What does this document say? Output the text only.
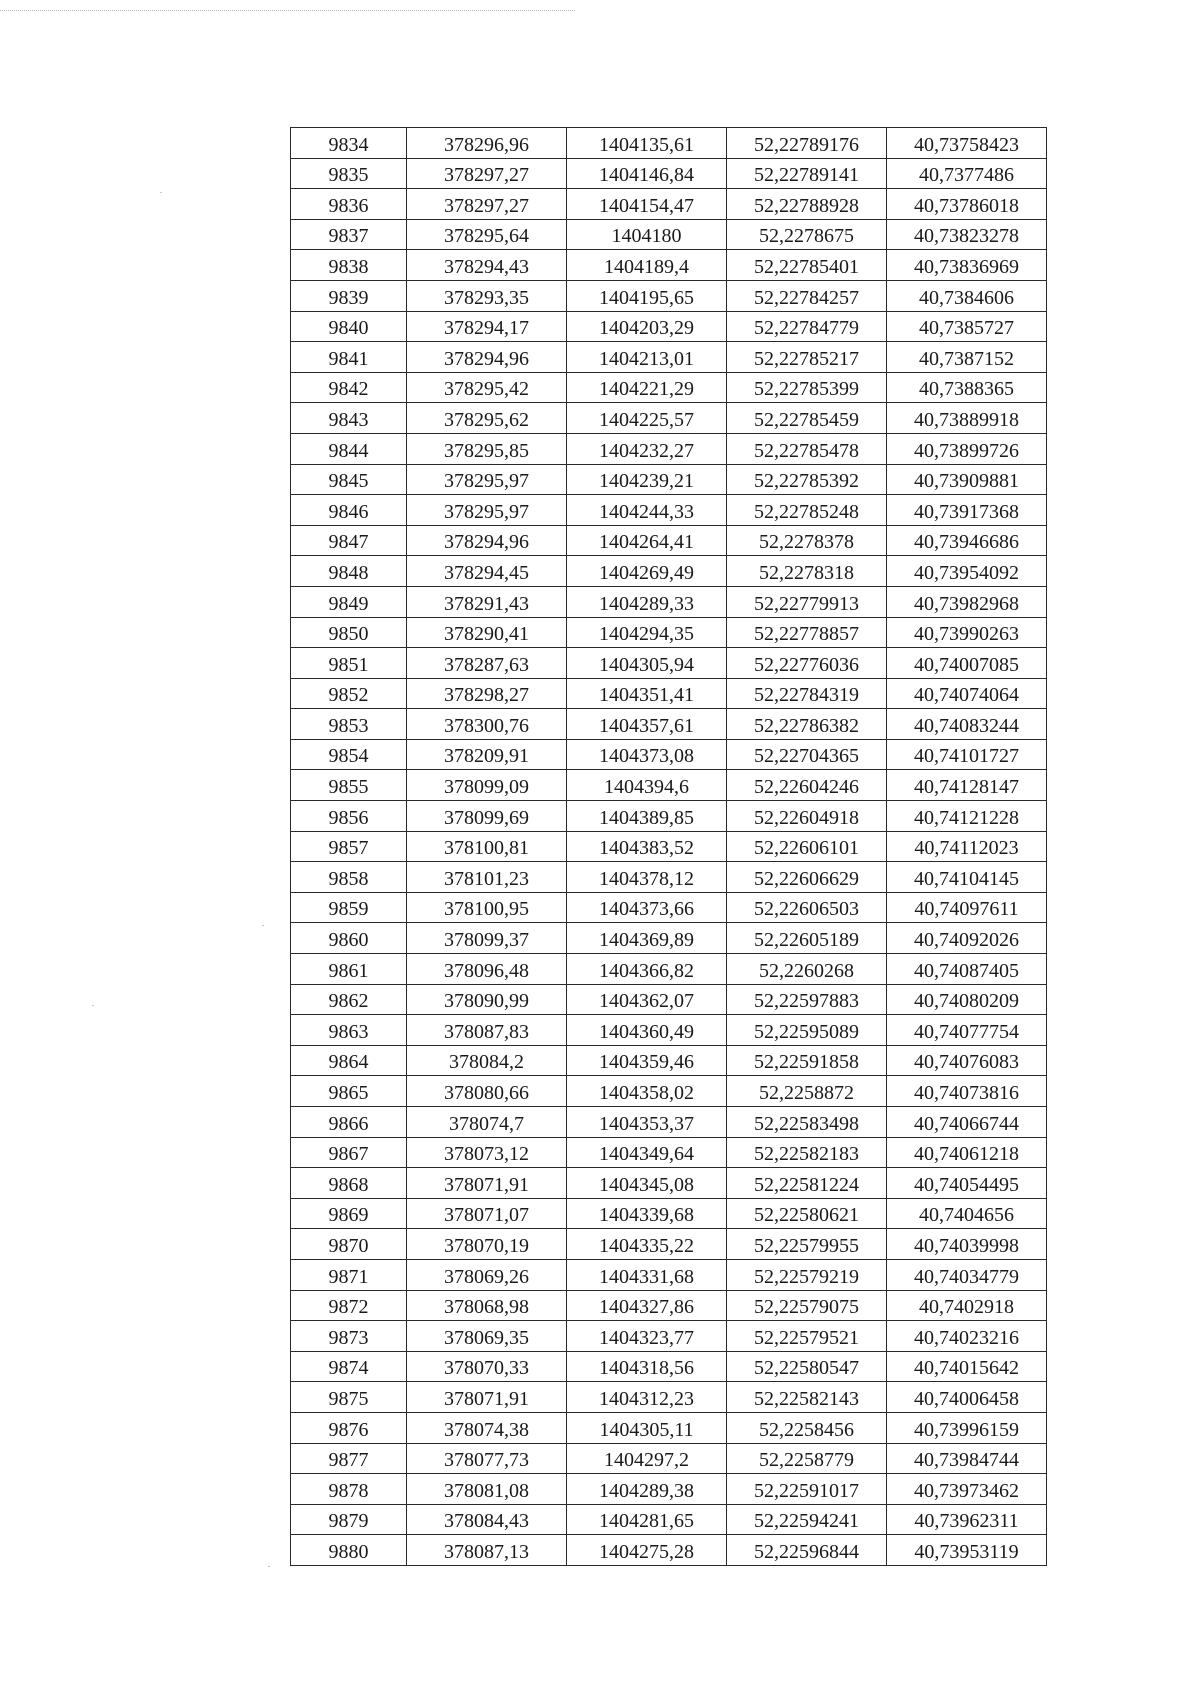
9834	378296,96	1404135,61	52,22789176	40,73758423
9835	378297,27	1404146,84	52,22789141	40,7377486
9836	378297,27	1404154,47	52,22788928	40,73786018
9837	378295,64	1404180	52,2278675	40,73823278
9838	378294,43	1404189,4	52,22785401	40,73836969
9839	378293,35	1404195,65	52,22784257	40,7384606
9840	378294,17	1404203,29	52,22784779	40,7385727
9841	378294,96	1404213,01	52,22785217	40,7387152
9842	378295,42	1404221,29	52,22785399	40,7388365
9843	378295,62	1404225,57	52,22785459	40,73889918
9844	378295,85	1404232,27	52,22785478	40,73899726
9845	378295,97	1404239,21	52,22785392	40,73909881
9846	378295,97	1404244,33	52,22785248	40,73917368
9847	378294,96	1404264,41	52,2278378	40,73946686
9848	378294,45	1404269,49	52,2278318	40,73954092
9849	378291,43	1404289,33	52,22779913	40,73982968
9850	378290,41	1404294,35	52,22778857	40,73990263
9851	378287,63	1404305,94	52,22776036	40,74007085
9852	378298,27	1404351,41	52,22784319	40,74074064
9853	378300,76	1404357,61	52,22786382	40,74083244
9854	378209,91	1404373,08	52,22704365	40,74101727
9855	378099,09	1404394,6	52,22604246	40,74128147
9856	378099,69	1404389,85	52,22604918	40,74121228
9857	378100,81	1404383,52	52,22606101	40,74112023
9858	378101,23	1404378,12	52,22606629	40,74104145
9859	378100,95	1404373,66	52,22606503	40,74097611
9860	378099,37	1404369,89	52,22605189	40,74092026
9861	378096,48	1404366,82	52,2260268	40,74087405
9862	378090,99	1404362,07	52,22597883	40,74080209
9863	378087,83	1404360,49	52,22595089	40,74077754
9864	378084,2	1404359,46	52,22591858	40,74076083
9865	378080,66	1404358,02	52,2258872	40,74073816
9866	378074,7	1404353,37	52,22583498	40,74066744
9867	378073,12	1404349,64	52,22582183	40,74061218
9868	378071,91	1404345,08	52,22581224	40,74054495
9869	378071,07	1404339,68	52,22580621	40,7404656
9870	378070,19	1404335,22	52,22579955	40,74039998
9871	378069,26	1404331,68	52,22579219	40,74034779
9872	378068,98	1404327,86	52,22579075	40,7402918
9873	378069,35	1404323,77	52,22579521	40,74023216
9874	378070,33	1404318,56	52,22580547	40,74015642
9875	378071,91	1404312,23	52,22582143	40,74006458
9876	378074,38	1404305,11	52,2258456	40,73996159
9877	378077,73	1404297,2	52,2258779	40,73984744
9878	378081,08	1404289,38	52,22591017	40,73973462
9879	378084,43	1404281,65	52,22594241	40,73962311
9880	378087,13	1404275,28	52,22596844	40,73953119
